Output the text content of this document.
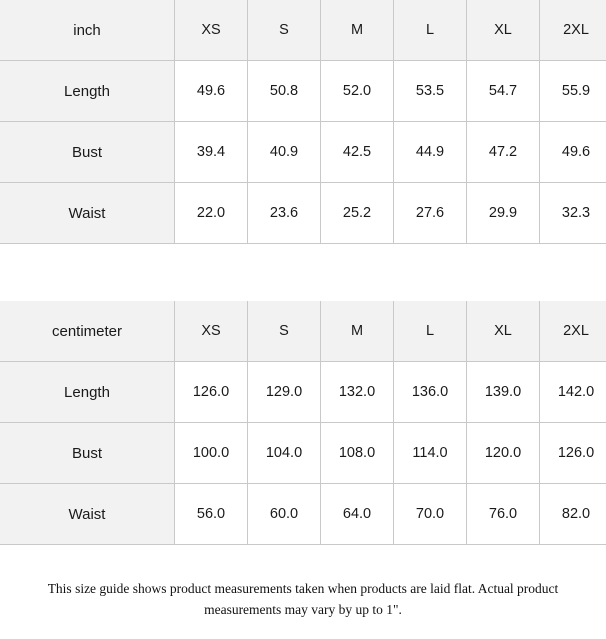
inch	XS	S	M	L	XL	2XL
Length	49.6	50.8	52.0	53.5	54.7	55.9
Bust	39.4	40.9	42.5	44.9	47.2	49.6
Waist	22.0	23.6	25.2	27.6	29.9	32.3
centimeter	XS	S	M	L	XL	2XL
Length	126.0	129.0	132.0	136.0	139.0	142.0
Bust	100.0	104.0	108.0	114.0	120.0	126.0
Waist	56.0	60.0	64.0	70.0	76.0	82.0
This size guide shows product measurements taken when products are laid flat. Actual product measurements may vary by up to 1".
